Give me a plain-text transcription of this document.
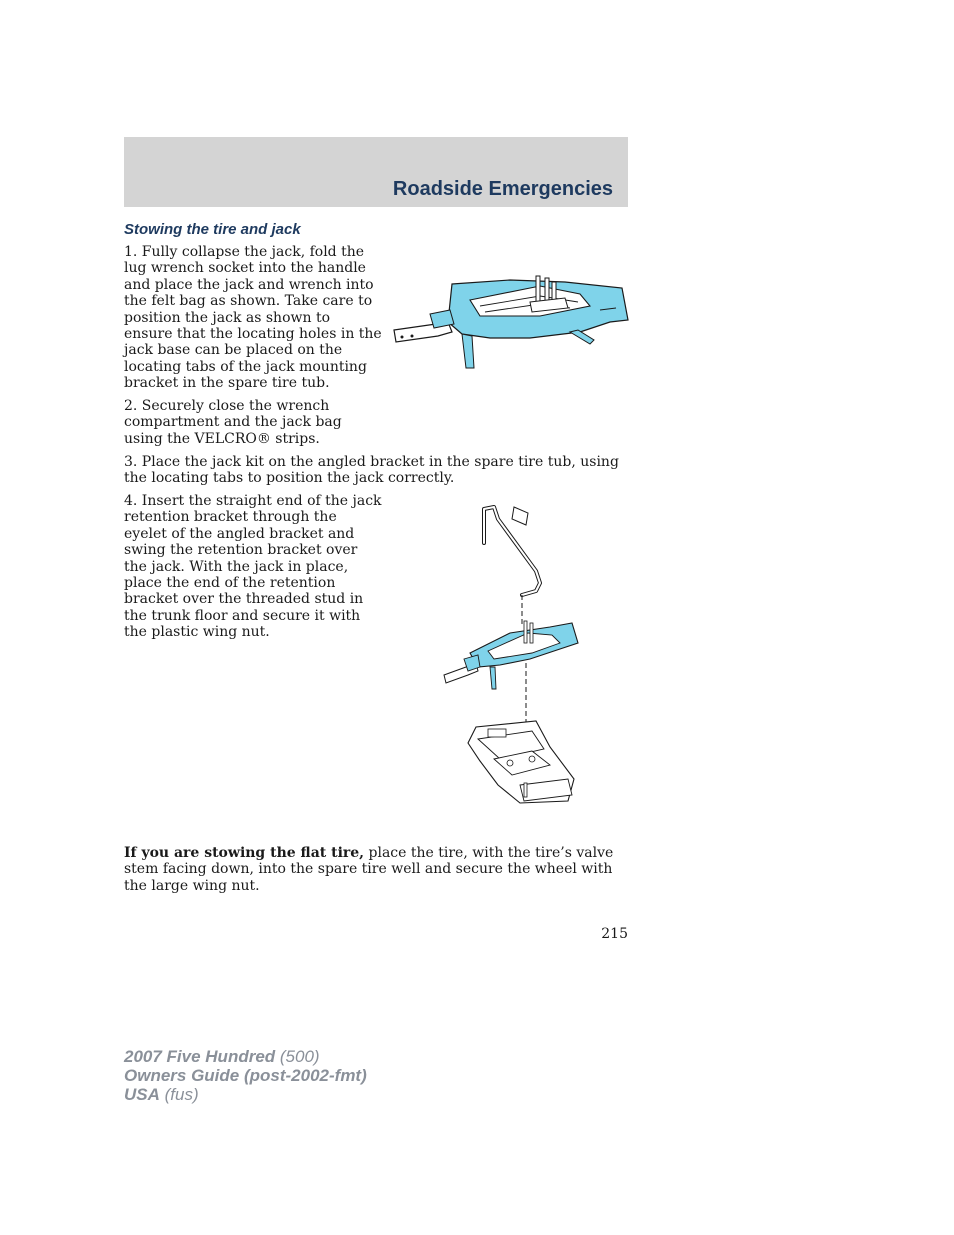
Roadside Emergencies
Stowing the tire and jack

1. Fully collapse the jack, fold the lug wrench socket into the handle and place the jack and wrench into the felt bag as shown. Take care to position the jack as shown to ensure that the locating holes in the jack base can be placed on the locating tabs of the jack mounting bracket in the spare tire tub.

2. Securely close the wrench compartment and the jack bag using the VELCRO® strips.

3. Place the jack kit on the angled bracket in the spare tire tub, using the locating tabs to position the jack correctly.

4. Insert the straight end of the jack retention bracket through the eyelet of the angled bracket and swing the retention bracket over the jack. With the jack in place, place the end of the retention bracket over the threaded stud in the trunk floor and secure it with the plastic wing nut.

If you are stowing the flat tire, place the tire, with the tire’s valve stem facing down, into the spare tire well and secure the wheel with the large wing nut.

215
2007 Five Hundred (500)
Owners Guide (post-2002-fmt)
USA (fus)
